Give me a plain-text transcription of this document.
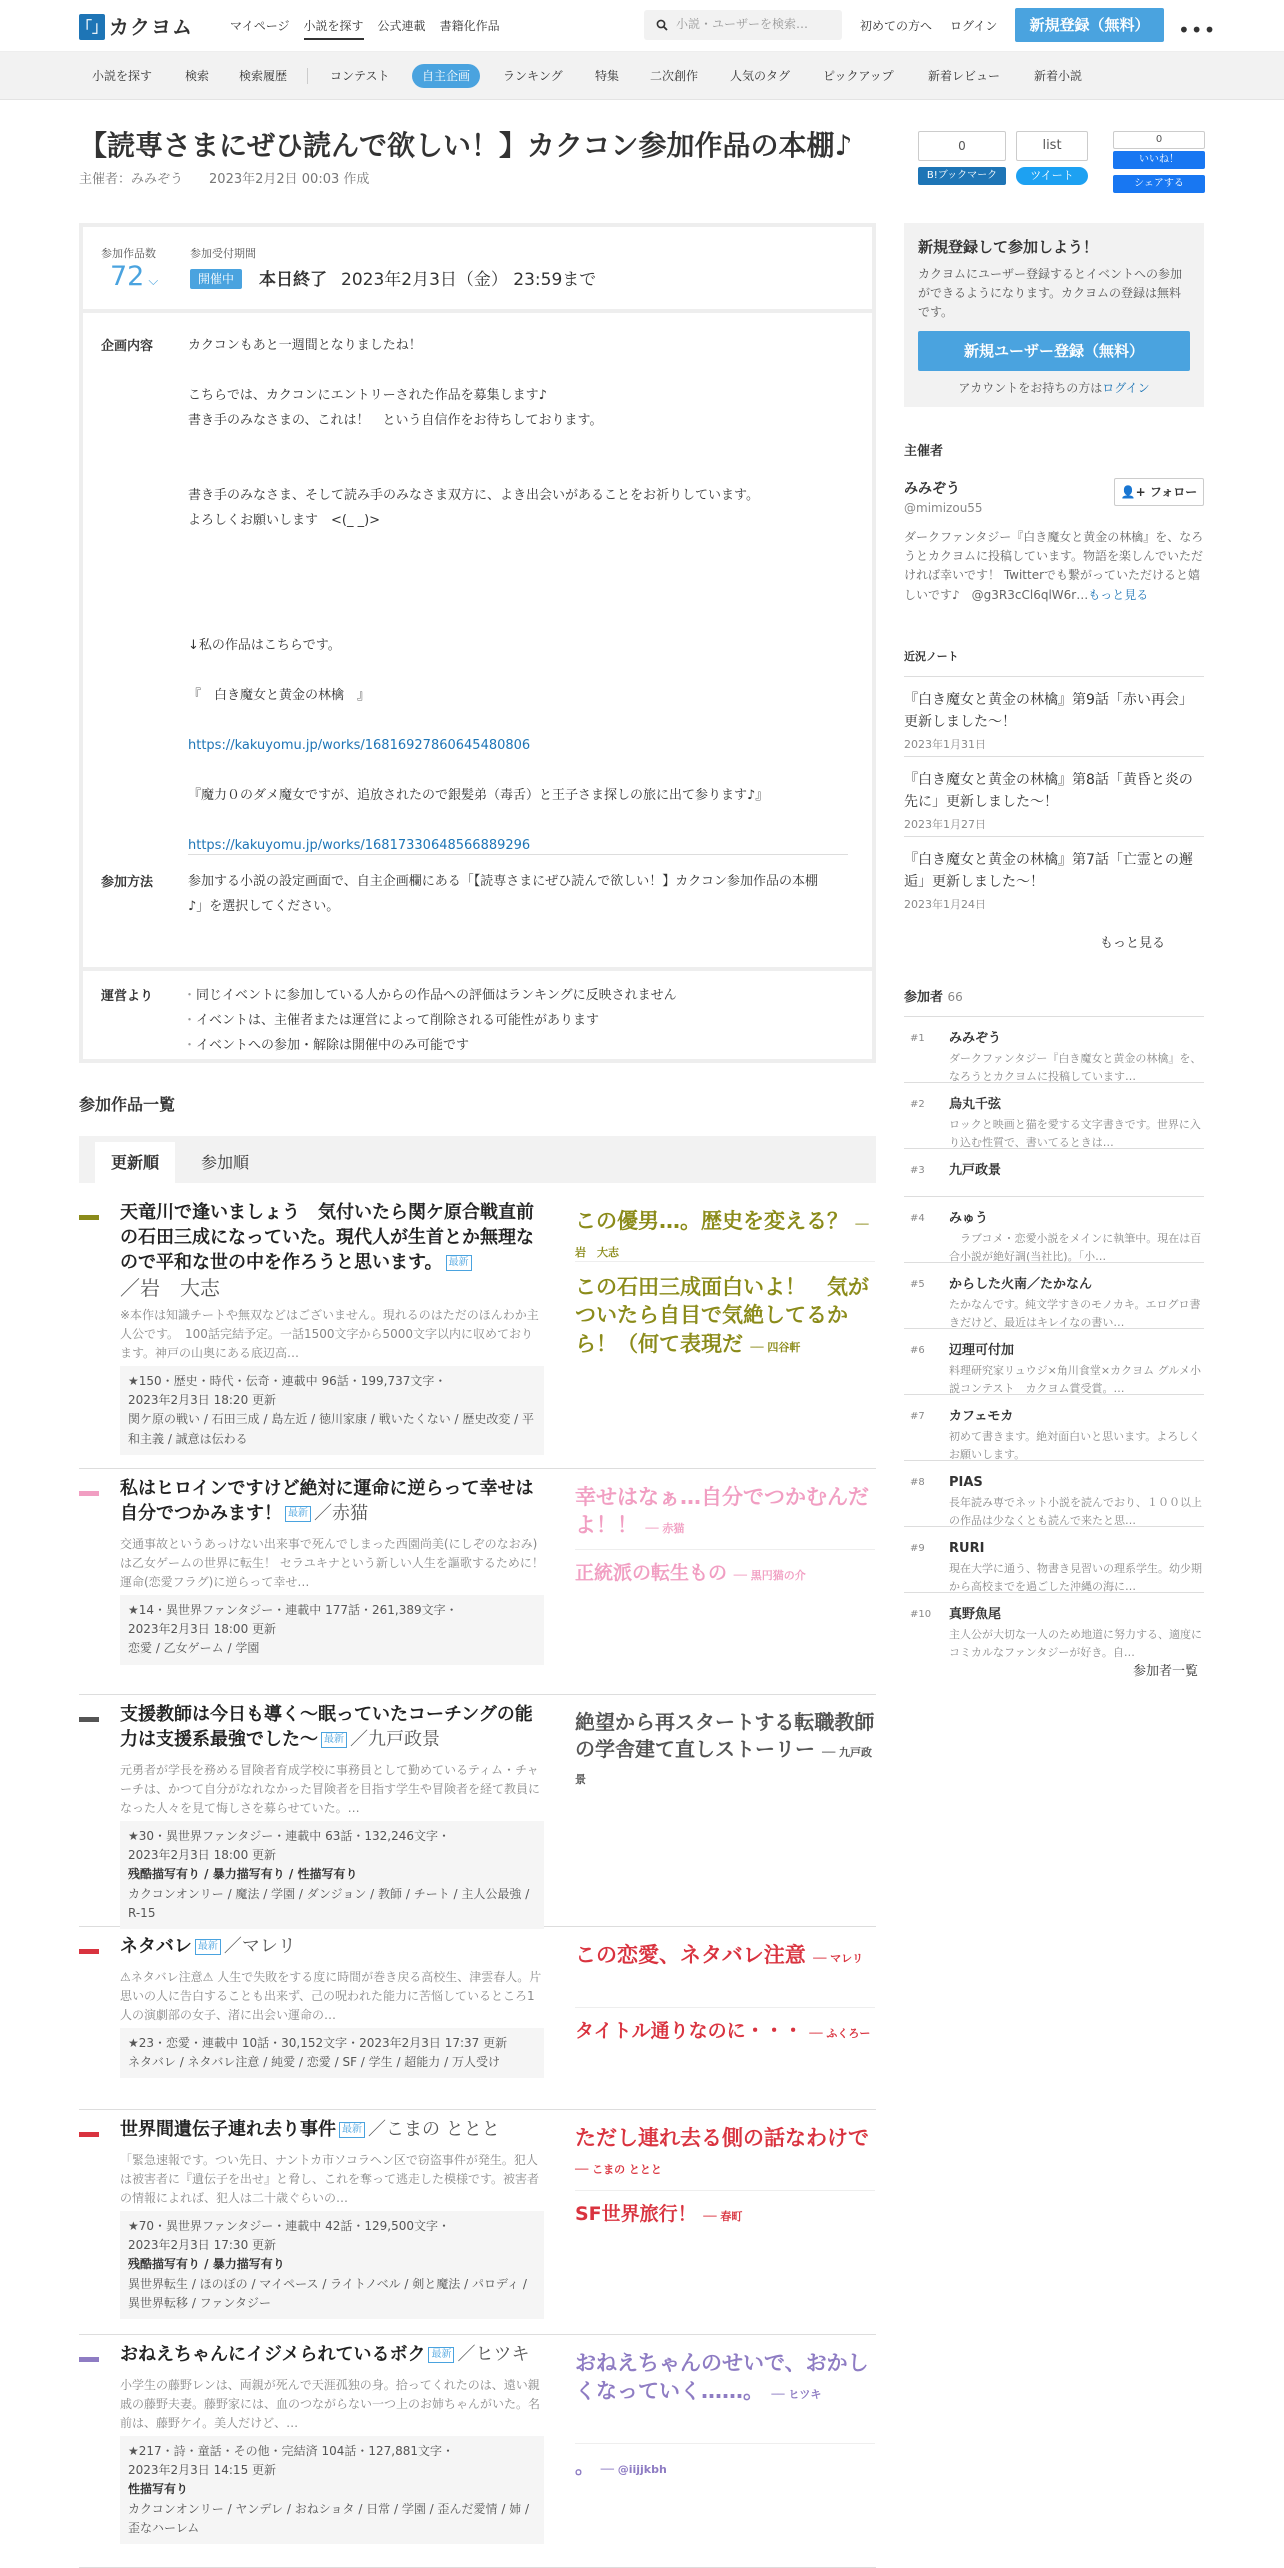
「」 カクヨム	マイページ 小説を探す 公式連載 書籍化作品	小説・ユーザーを検索…	初めての方へ ログイン	新規登録（無料）	•••
小説を探す	検索	検索履歴	コンテスト	自主企画	ランキング	特集	二次創作	人気のタグ	ピックアップ	新着レビュー	新着小説
【読専さまにぜひ読んで欲しい！】カクコン参加作品の本棚♪
主催者：みみぞう　　 2023年2月2日 00:03 作成
0
B!ブックマーク
list
ツイート
0
いいね！
シェアする
参加作品数
72 ⌵
参加受付期間
開催中	本日終了 2023年2月3日（金） 23:59まで
企画内容	カクコンもあと一週間となりましたね！
こちらでは、カクコンにエントリーされた作品を募集します♪
書き手のみなさまの、これは！　という自信作をお待ちしております。
書き手のみなさま、そして読み手のみなさま双方に、よき出会いがあることをお祈りしています。
よろしくお願いします　<(_ _)>
↓私の作品はこちらです。
『　白き魔女と黄金の林檎　』
https://kakuyomu.jp/works/16816927860645480806
『魔力０のダメ魔女ですが、追放されたので銀髪弟（毒舌）と王子さま探しの旅に出て参ります♪』
https://kakuyomu.jp/works/16817330648566889296
参加方法	参加する小説の設定画面で、自主企画欄にある「【読専さまにぜひ読んで欲しい！】カクコン参加作品の本棚♪」を選択してください。
運営より
・	同じイベントに参加している人からの作品への評価はランキングに反映されません
・ イベントは、主催者または運営によって削除される可能性があります
・ イベントへの参加・解除は開催中のみ可能です
参加作品一覧
更新順	参加順
天竜川で逢いましょう　気付いたら関ケ原合戦直前の石田三成になっていた。現代人が生首とか無理なので平和な世の中を作ろうと思います。 最新
／岩　大志
※本作は知識チートや無双などはございません。現れるのはただのほんわか主人公です。　100話完結予定。一話1500文字から5000文字以内に収めております。神戸の山奥にある底辺高…
★150・歴史・時代・伝奇・連載中 96話・199,737文字・
2023年2月3日 18:20 更新
関ケ原の戦い / 石田三成 / 島左近 / 徳川家康 / 戦いたくない / 歴史改変 / 平和主義 / 誠意は伝わる
この優男…。歴史を変える？ ── 岩　大志
この石田三成面白いよ！　気がついたら自目で気絶してるから！（何て表現だ ── 四谷軒
私はヒロインですけど絶対に運命に逆らって幸せは自分でつかみます！ 最新 ／赤猫
交通事故というあっけない出来事で死んでしまった西園尚美(にしぞのなおみ)は乙女ゲームの世界に転生！ セラユキナという新しい人生を謳歌するために！ 運命(恋愛フラグ)に逆らって幸せ…
★14・異世界ファンタジー・連載中 177話・261,389文字・
2023年2月3日 18:00 更新
恋愛 / 乙女ゲーム / 学園
幸せはなぁ…自分でつかむんだよ！！ ── 赤猫
正統派の転生もの ── 黒円猫の介
支援教師は今日も導く～眠っていたコーチングの能力は支援系最強でした～ 最新 ／九戸政景
元勇者が学長を務める冒険者育成学校に事務員として勤めているティム・チャーチは、かつて自分がなれなかった冒険者を目指す学生や冒険者を経て教員になった人々を見て悔しさを募らせていた。…
★30・異世界ファンタジー・連載中 63話・132,246文字・
2023年2月3日 18:00 更新
残酷描写有り / 暴力描写有り / 性描写有り
カクコンオンリー / 魔法 / 学園 / ダンジョン / 教師 / チート / 主人公最強 / R-15
絶望から再スタートする転職教師の学舎建て直しストーリー ── 九戸政景
ネタバレ 最新 ／マレリ
⚠ネタバレ注意⚠ 人生で失敗をする度に時間が巻き戻る高校生、津雲春人。片思いの人に告白することも出来ず、己の呪われた能力に苦悩しているところ1人の演劇部の女子、渚に出会い運命の…
★23・恋愛・連載中 10話・30,152文字・2023年2月3日 17:37 更新
ネタバレ / ネタバレ注意 / 純愛 / 恋愛 / SF / 学生 / 超能力 / 万人受け
この恋愛、ネタバレ注意 ── マレリ
タイトル通りなのに・・・ ── ふくろー
世界間遺伝子連れ去り事件 最新 ／こまの ととと
「緊急速報です。つい先日、ナントカ市ソコラヘン区で窃盗事件が発生。犯人は被害者に『遺伝子を出せ』と脅し、これを奪って逃走した模様です。被害者の情報によれば、犯人は二十歳ぐらいの…
★70・異世界ファンタジー・連載中 42話・129,500文字・
2023年2月3日 17:30 更新
残酷描写有り / 暴力描写有り
異世界転生 / ほのぼの / マイペース / ライトノベル / 剣と魔法 / パロディ / 異世界転移 / ファンタジー
ただし連れ去る側の話なわけで ── こまの ととと
SF世界旅行！ ── 春町
おねえちゃんにイジメられているボク 最新 ／ヒツキ
小学生の藤野レンは、両親が死んで天涯孤独の身。拾ってくれたのは、遠い親戚の藤野夫妻。藤野家には、血のつながらない一つ上のお姉ちゃんがいた。名前は、藤野ケイ。美人だけど、…
★217・詩・童話・その他・完結済 104話・127,881文字・
2023年2月3日 14:15 更新
性描写有り
カクコンオンリー / ヤンデレ / おねショタ / 日常 / 学園 / 歪んだ愛情 / 姉 / 歪なハーレム
おねえちゃんのせいで、おかしくなっていく……。 ── ヒツキ
。 ── @iijjkbh
新規登録して参加しよう！

カクヨムにユーザー登録するとイベントへの参加ができるようになります。カクヨムの登録は無料です。

新規ユーザー登録（無料）
アカウントをお持ちの方はログイン
主催者
みみぞう
@mimizou55
👤+ フォロー
ダークファンタジー『白き魔女と黄金の林檎』を、なろうとカクヨムに投稿しています。物語を楽しんでいただければ幸いです！ Twitterでも繋がっていただけると嬉しいです♪　@g3R3cCl6qlW6r…もっと見る
近況ノート
『白き魔女と黄金の林檎』第9話「赤い再会」更新しました～！
2023年1月31日
『白き魔女と黄金の林檎』第8話「黄昏と炎の先に」更新しました～！
2023年1月27日
『白き魔女と黄金の林檎』第7話「亡霊との邂逅」更新しました～！
2023年1月24日
もっと見る
参加者 66
#1 みみぞう
ダークファンタジー『白き魔女と黄金の林檎』を、なろうとカクヨムに投稿しています…
#2 烏丸千弦
ロックと映画と猫を愛する文字書きです。世界に入り込む性質で、書いてるときは…
#3 九戸政景
#4 みゅう
　ラブコメ・恋愛小説をメインに執筆中。現在は百合小説が絶好調(当社比)。「小…
#5 からした火南／たかなん
たかなんです。純文学すきのモノカキ。エログロ書きだけど、最近はキレイなの書い…
#6 辺理可付加
料理研究家リュウジ×角川食堂×カクヨム グルメ小説コンテスト　カクヨム賞受賞。…
#7 カフェモカ
初めて書きます。絶対面白いと思います。よろしくお願いします。
#8 PIAS
長年読み専でネット小説を読んでおり、１００以上の作品は少なくとも読んで来たと思…
#9 RURI
現在大学に通う、物書き見習いの理系学生。幼少期から高校までを過ごした沖縄の海に…
#10 真野魚尾
主人公が大切な一人のため地道に努力する、適度にコミカルなファンタジーが好き。自…
参加者一覧
